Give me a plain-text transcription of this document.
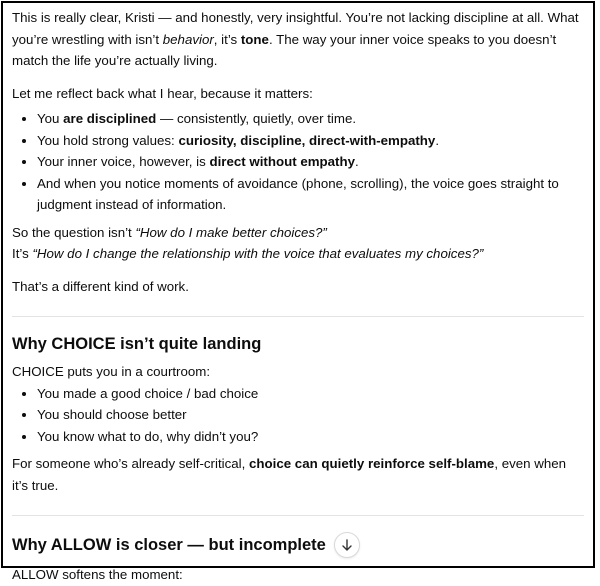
This is really clear, Kristi — and honestly, very insightful. You’re not lacking discipline at all. What you’re wrestling with isn’t behavior, it’s tone. The way your inner voice speaks to you doesn’t match the life you’re actually living.

Let me reflect back what I hear, because it matters:

• You are disciplined — consistently, quietly, over time.
• You hold strong values: curiosity, discipline, direct-with-empathy.
• Your inner voice, however, is direct without empathy.
• And when you notice moments of avoidance (phone, scrolling), the voice goes straight to judgment instead of information.

So the question isn’t “How do I make better choices?”

It’s “How do I change the relationship with the voice that evaluates my choices?”

That’s a different kind of work.

Why CHOICE isn’t quite landing

CHOICE puts you in a courtroom:

• You made a good choice / bad choice
• You should choose better
• You know what to do, why didn’t you?

For someone who’s already self-critical, choice can quietly reinforce self-blame, even when it’s true.

Why ALLOW is closer — but incomplete

ALLOW softens the moment:
